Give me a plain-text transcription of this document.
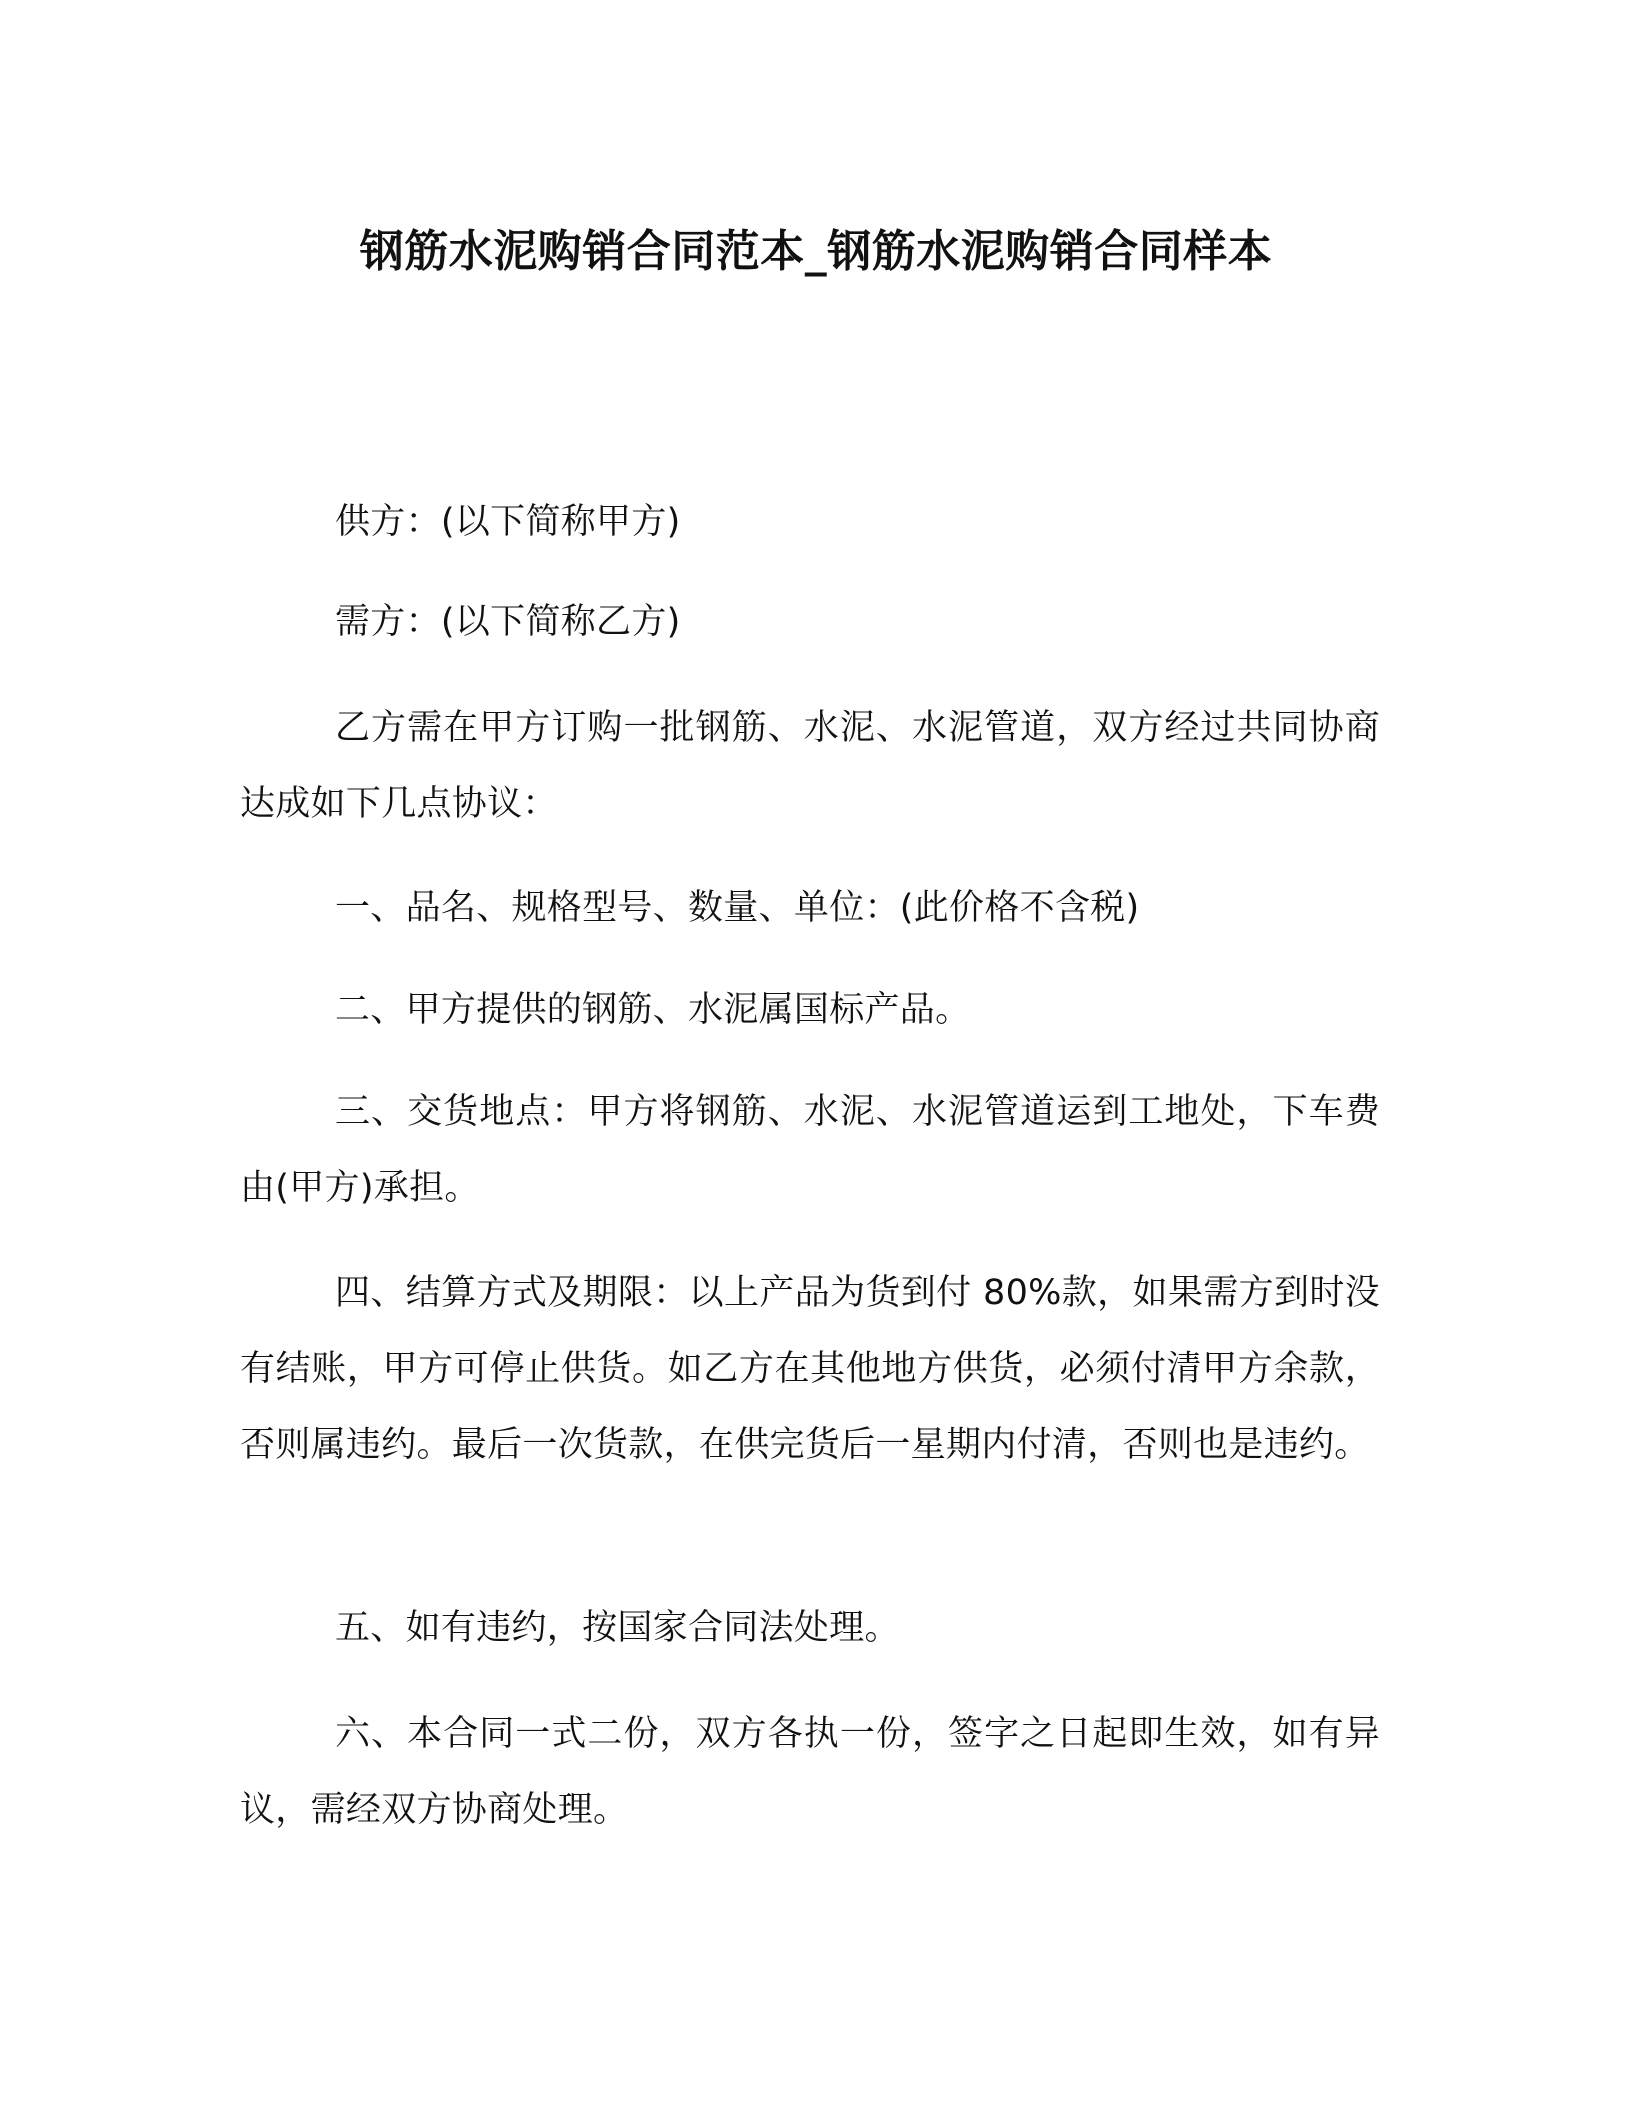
钢筋水泥购销合同范本_钢筋水泥购销合同样本
供方：(以下简称甲方)
需方：(以下简称乙方)
乙方需在甲方订购一批钢筋、水泥、水泥管道，双方经过共同协商达成如下几点协议：
一、品名、规格型号、数量、单位：(此价格不含税)
二、甲方提供的钢筋、水泥属国标产品。
三、交货地点：甲方将钢筋、水泥、水泥管道运到工地处，下车费由(甲方)承担。
四、结算方式及期限：以上产品为货到付 80%款，如果需方到时没有结账，甲方可停止供货。如乙方在其他地方供货，必须付清甲方余款，否则属违约。最后一次货款，在供完货后一星期内付清，否则也是违约。
五、如有违约，按国家合同法处理。
六、本合同一式二份，双方各执一份，签字之日起即生效，如有异议，需经双方协商处理。
